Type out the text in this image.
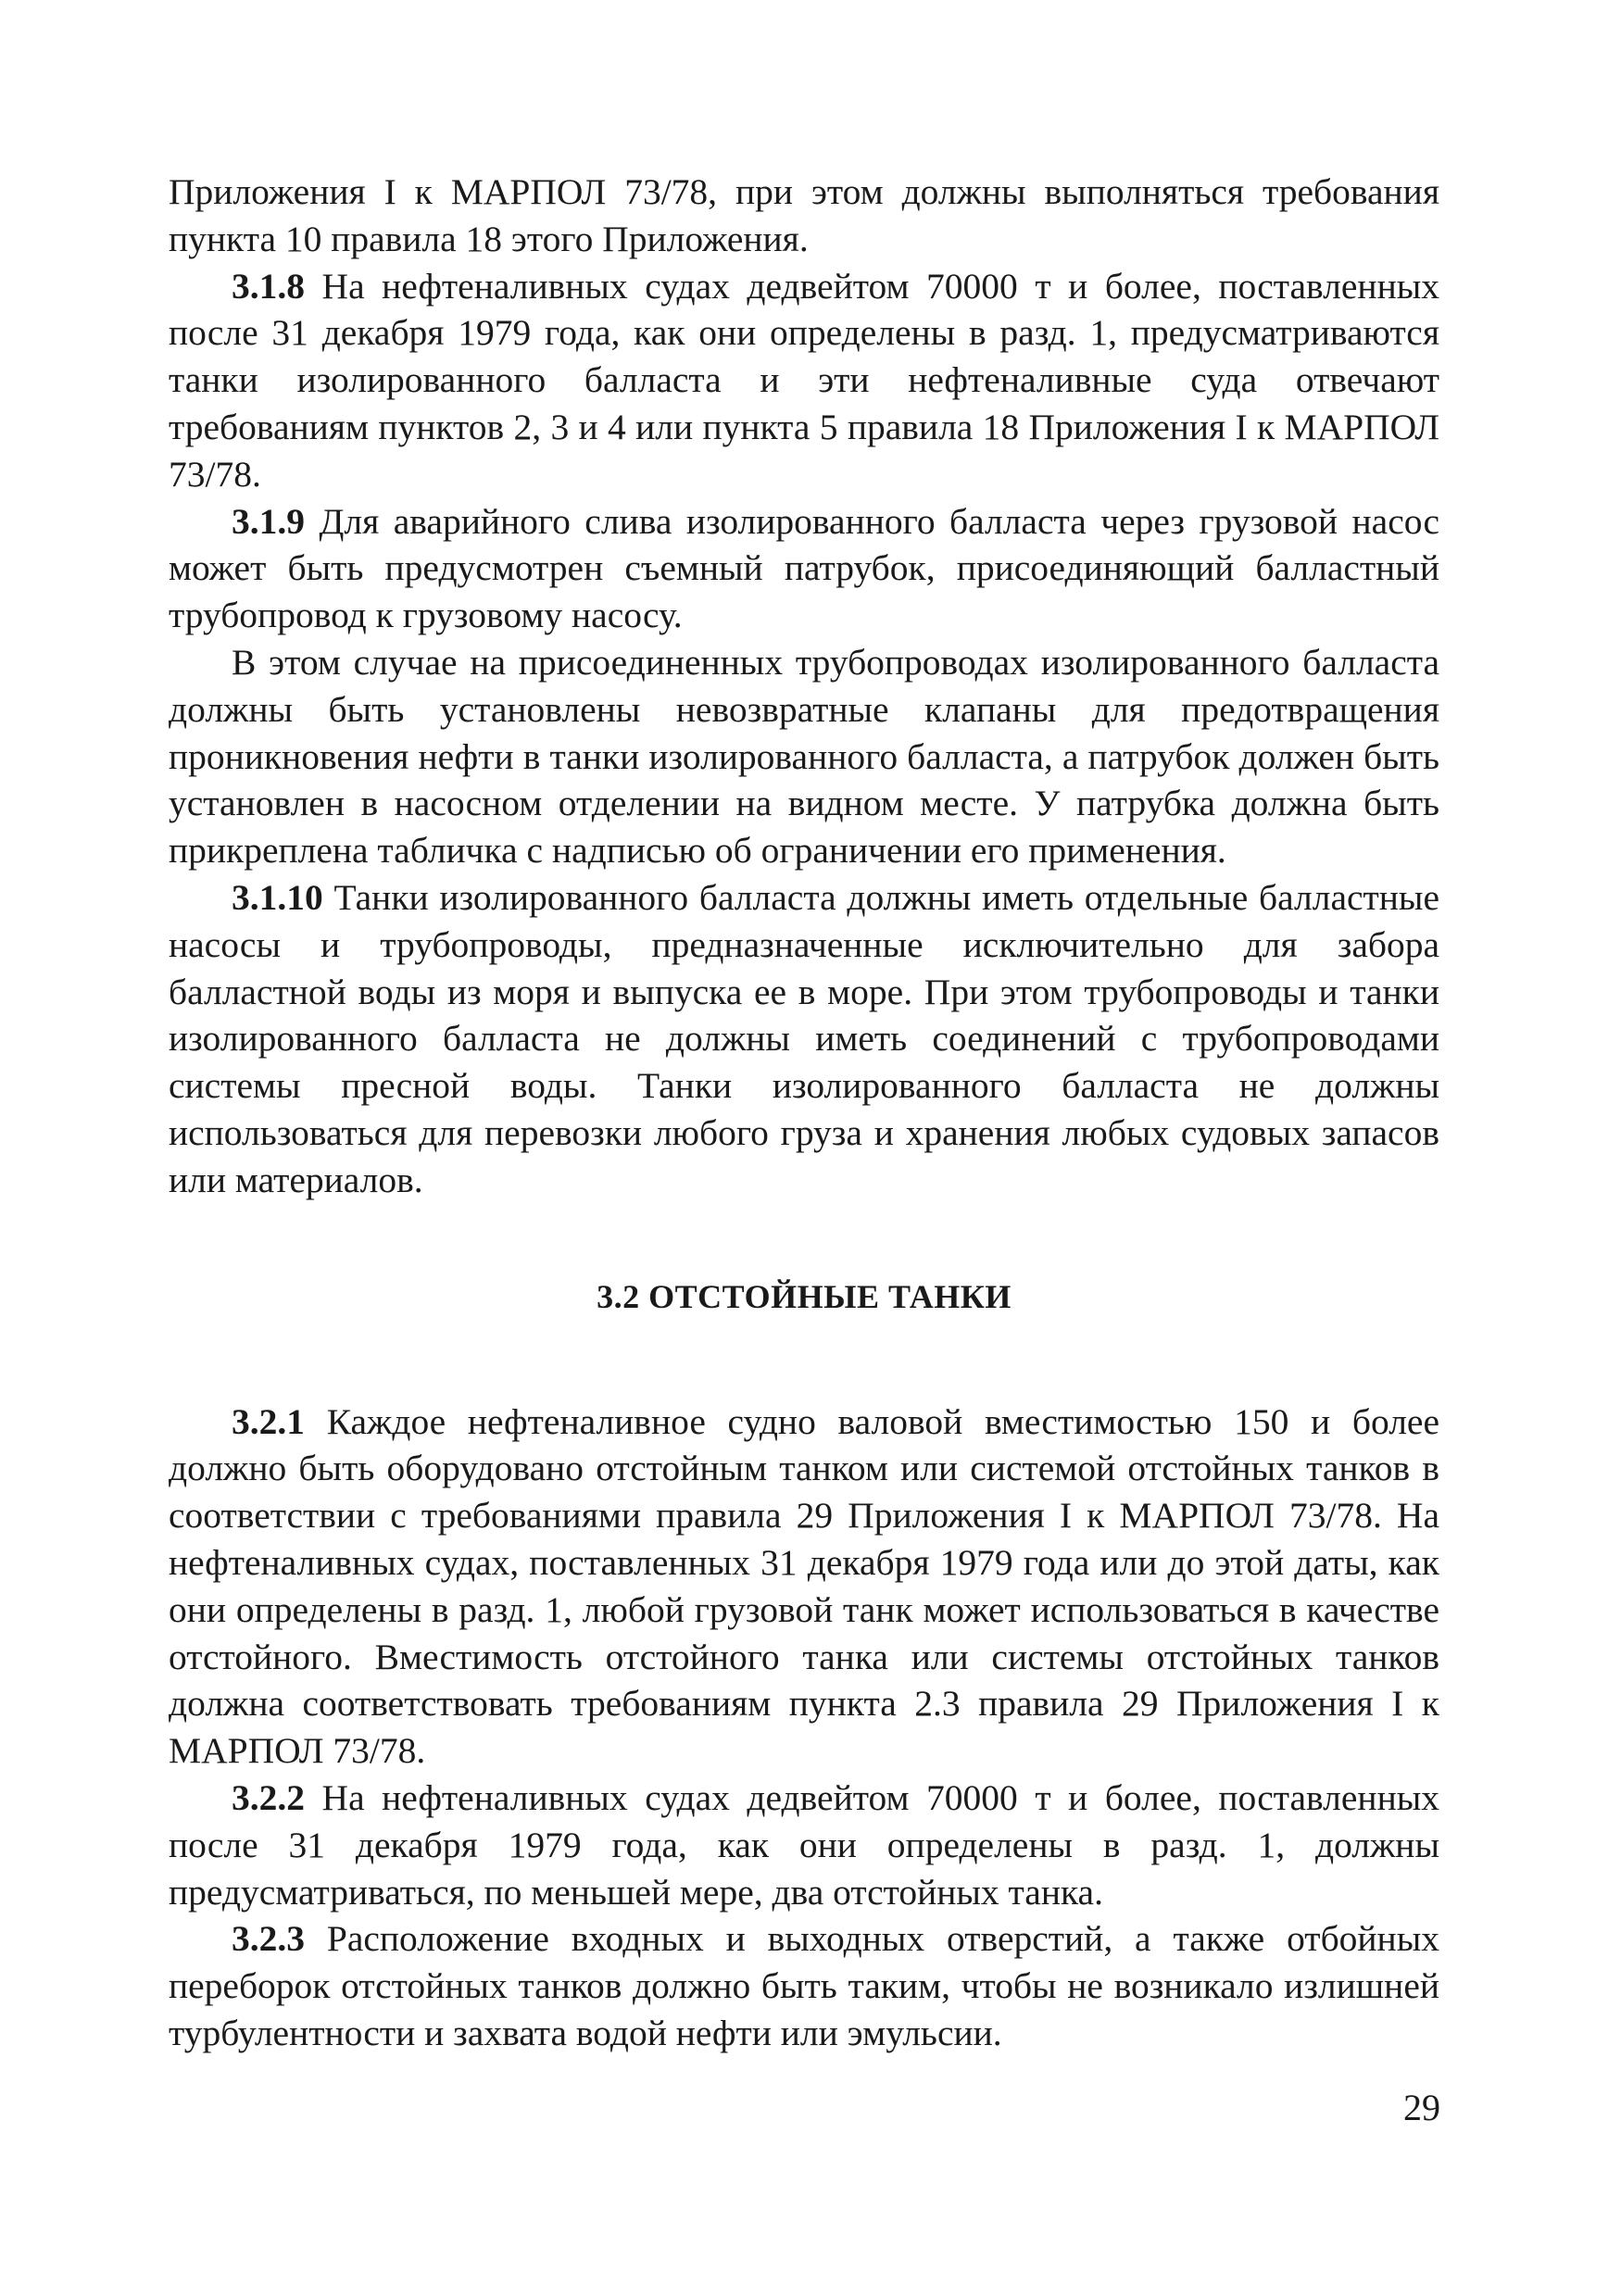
Приложения I к МАРПОЛ 73/78, при этом должны выполняться требования пункта 10 правила 18 этого Приложения.

3.1.8 На нефтеналивных судах дедвейтом 70000 т и более, поставленных после 31 декабря 1979 года, как они определены в разд. 1, предусматриваются танки изолированного балласта и эти нефтеналивные суда отвечают требованиям пунктов 2, 3 и 4 или пункта 5 правила 18 Приложения I к МАРПОЛ 73/78.

3.1.9 Для аварийного слива изолированного балласта через грузовой насос может быть предусмотрен съемный патрубок, присоединяющий балластный трубопровод к грузовому насосу.

В этом случае на присоединенных трубопроводах изолированного балласта должны быть установлены невозвратные клапаны для предотвращения проникновения нефти в танки изолированного балласта, а патрубок должен быть установлен в насосном отделении на видном месте. У патрубка должна быть прикреплена табличка с надписью об ограничении его применения.

3.1.10 Танки изолированного балласта должны иметь отдельные балластные насосы и трубопроводы, предназначенные исключительно для забора балластной воды из моря и выпуска ее в море. При этом трубопроводы и танки изолированного балласта не должны иметь соединений с трубопроводами системы пресной воды. Танки изолированного балласта не должны использоваться для перевозки любого груза и хранения любых судовых запасов или материалов.

3.2 ОТСТОЙНЫЕ ТАНКИ

3.2.1 Каждое нефтеналивное судно валовой вместимостью 150 и более должно быть оборудовано отстойным танком или системой отстойных танков в соответствии с требованиями правила 29 Приложения I к МАРПОЛ 73/78. На нефтеналивных судах, поставленных 31 декабря 1979 года или до этой даты, как они определены в разд. 1, любой грузовой танк может использоваться в качестве отстойного. Вместимость отстойного танка или системы отстойных танков должна соответствовать требованиям пункта 2.3 правила 29 Приложения I к МАРПОЛ 73/78.

3.2.2 На нефтеналивных судах дедвейтом 70000 т и более, поставленных после 31 декабря 1979 года, как они определены в разд. 1, должны предусматриваться, по меньшей мере, два отстойных танка.

3.2.3 Расположение входных и выходных отверстий, а также отбойных переборок отстойных танков должно быть таким, чтобы не возникало излишней турбулентности и захвата водой нефти или эмульсии.

29
